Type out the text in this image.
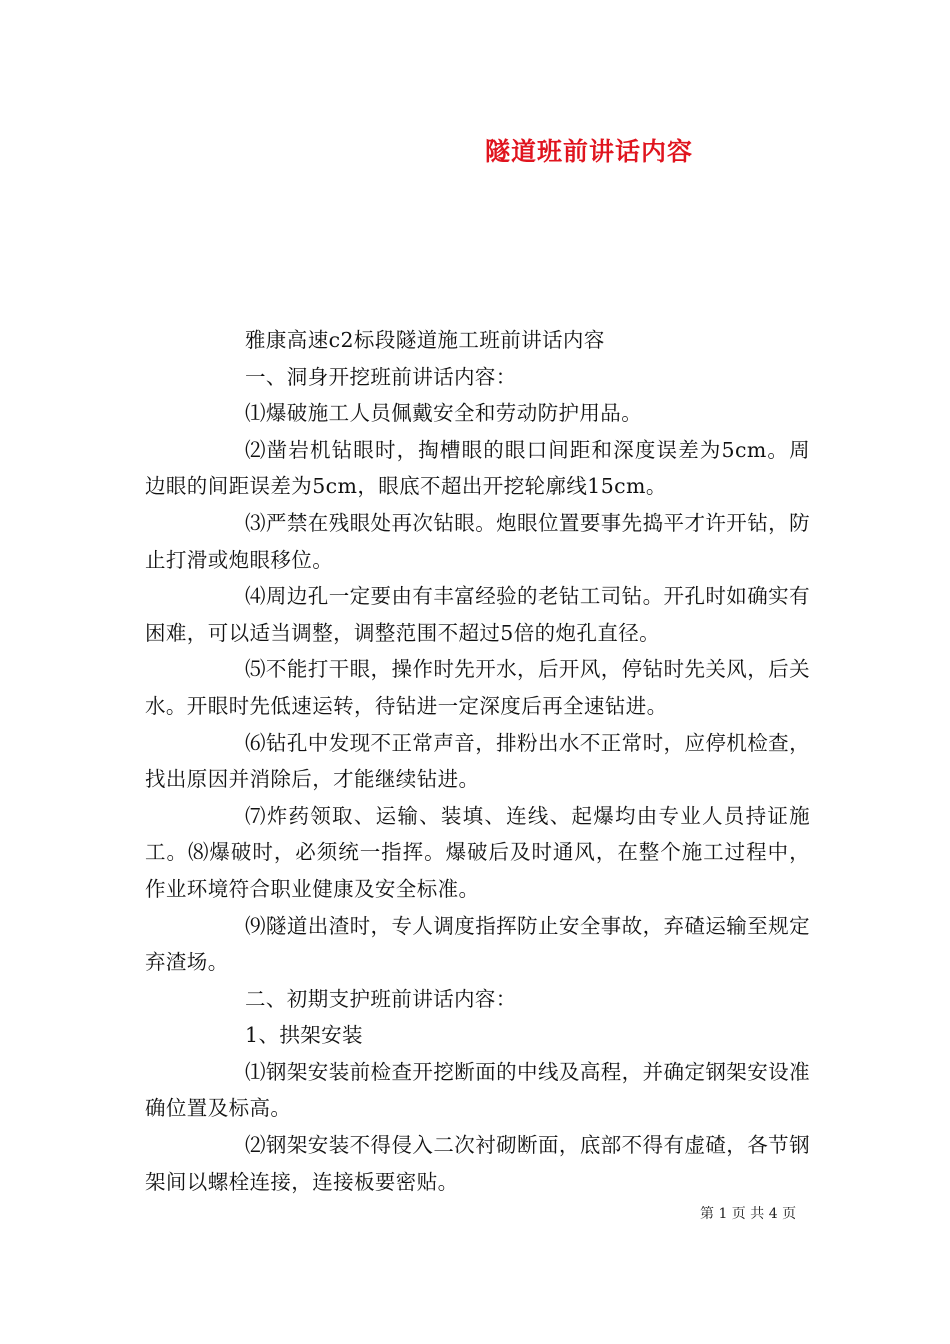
隧道班前讲话内容

雅康高速c2标段隧道施工班前讲话内容

一、洞身开挖班前讲话内容：

⑴爆破施工人员佩戴安全和劳动防护用品。

⑵凿岩机钻眼时，掏槽眼的眼口间距和深度误差为5cm。周边眼的间距误差为5cm，眼底不超出开挖轮廓线15cm。

⑶严禁在残眼处再次钻眼。炮眼位置要事先捣平才许开钻，防止打滑或炮眼移位。

⑷周边孔一定要由有丰富经验的老钻工司钻。开孔时如确实有困难，可以适当调整，调整范围不超过5倍的炮孔直径。

⑸不能打干眼，操作时先开水，后开风，停钻时先关风，后关水。开眼时先低速运转，待钻进一定深度后再全速钻进。

⑹钻孔中发现不正常声音，排粉出水不正常时，应停机检查，找出原因并消除后，才能继续钻进。

⑺炸药领取、运输、装填、连线、起爆均由专业人员持证施工。⑻爆破时，必须统一指挥。爆破后及时通风，在整个施工过程中，作业环境符合职业健康及安全标准。

⑼隧道出渣时，专人调度指挥防止安全事故，弃碴运输至规定弃渣场。

二、初期支护班前讲话内容：

1、拱架安装

⑴钢架安装前检查开挖断面的中线及高程，并确定钢架安设准确位置及标高。

⑵钢架安装不得侵入二次衬砌断面，底部不得有虚碴，各节钢架间以螺栓连接，连接板要密贴。

第 1 页 共 4 页
